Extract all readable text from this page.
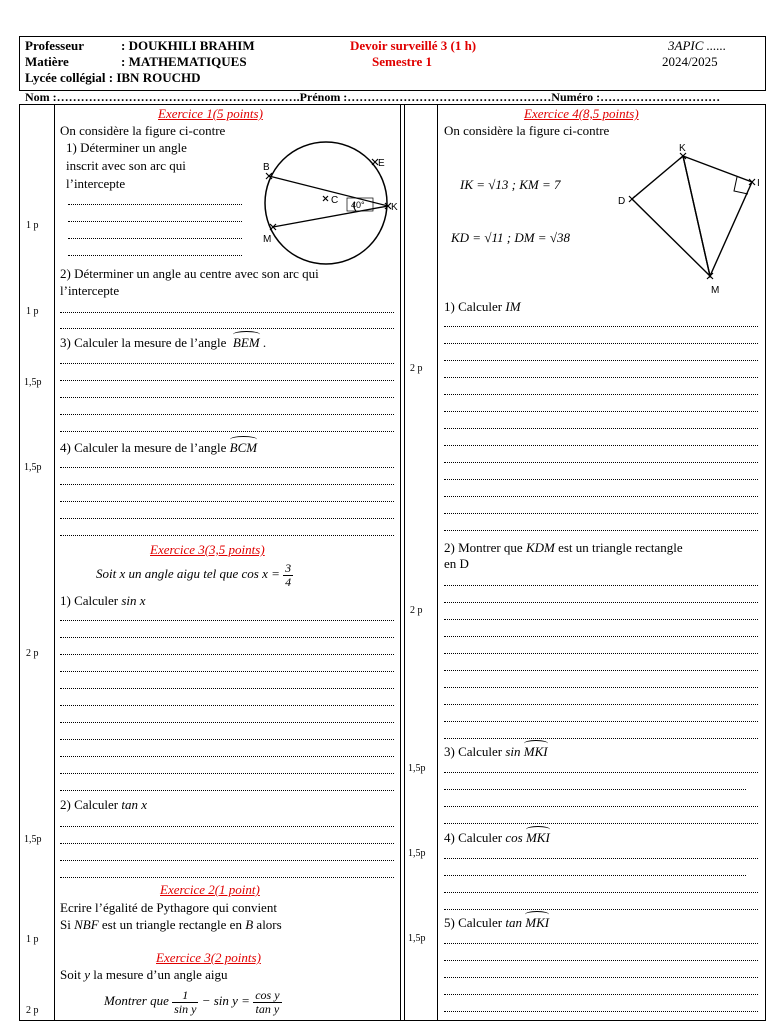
Professeur	: DOUKHILI BRAHIM
Matière	: MATHEMATIQUES
Lycée collégial : IBN ROUCHD
Devoir surveillé 3 (1 h)
Semestre 1
3APIC ......
2024/2025
Nom :…………………………………………………….Prénom :……………………………………………Numéro :…………………………
1 p
1 p
1,5p
1,5p
2 p
1,5p
1 p
2 p
2 p
2 p
1,5p
1,5p
1,5p
Exercice 1(5 points)
On considère la figure ci-contre
1) Déterminer un angle
inscrit avec son arc qui
l’intercepte
B	E
C
K
M
40°
2) Déterminer un angle au centre avec son arc qui
l’intercepte
3) Calculer la mesure de l’angle BEM .
4) Calculer la mesure de l’angle BCM
Exercice 3(3,5 points)
Soit x un angle aigu tel que $\cos x = \frac{3}{4}$
1) Calculer sin x
2) Calculer tan x
Exercice 2(1 point)
Ecrire l’égalité de Pythagore qui convient
Si NBF est un triangle rectangle en B alors
Exercice 3(2 points)
Soit y la mesure d’un angle aigu
Montrer que $\frac{1}{\text{sin y}} - \sin y = \frac{\text{cos y}}{\text{tan y}}$
Exercice 4(8,5 points)
On considère la figure ci-contre
IK = √13 ; KM = 7
KD = √11 ; DM = √38
K
I
D
M
1) Calculer IM
2) Montrer que KDM est un triangle rectangle
en D
3) Calculer sin MKI
4) Calculer cos MKI
5) Calculer tan MKI
